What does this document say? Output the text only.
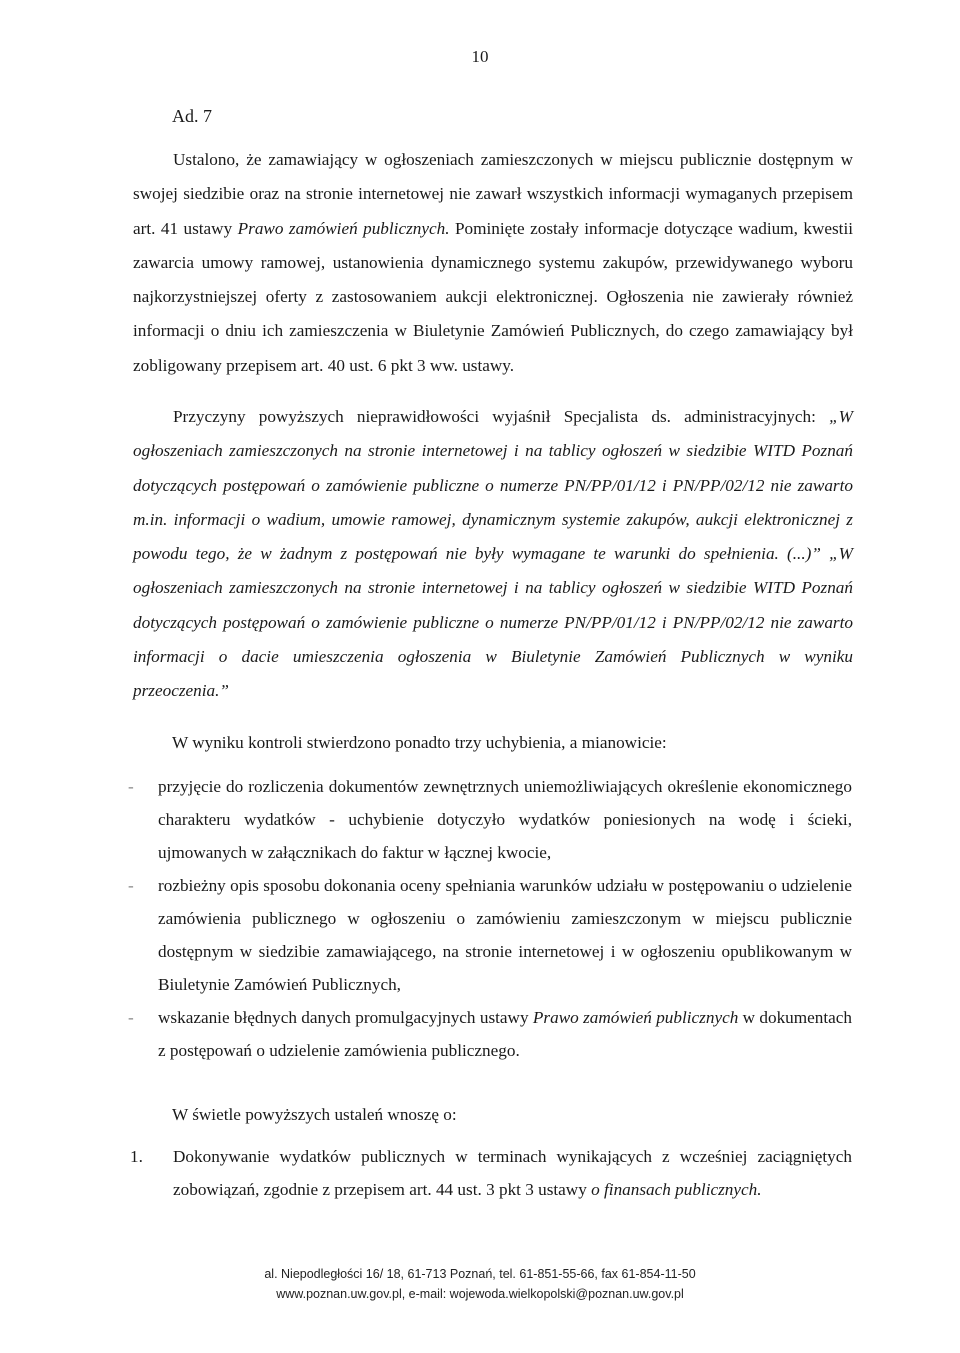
10
Ad. 7
Ustalono, że zamawiający w ogłoszeniach zamieszczonych w miejscu publicznie dostępnym w swojej siedzibie oraz na stronie internetowej nie zawarł wszystkich informacji wymaganych przepisem art. 41 ustawy Prawo zamówień publicznych. Pominięte zostały informacje dotyczące wadium, kwestii zawarcia umowy ramowej, ustanowienia dynamicznego systemu zakupów, przewidywanego wyboru najkorzystniejszej oferty z zastosowaniem aukcji elektronicznej. Ogłoszenia nie zawierały również informacji o dniu ich zamieszczenia w Biuletynie Zamówień Publicznych, do czego zamawiający był zobligowany przepisem art. 40 ust. 6 pkt 3 ww. ustawy.
Przyczyny powyższych nieprawidłowości wyjaśnił Specjalista ds. administracyjnych: „W ogłoszeniach zamieszczonych na stronie internetowej i na tablicy ogłoszeń w siedzibie WITD Poznań dotyczących postępowań o zamówienie publiczne o numerze PN/PP/01/12 i PN/PP/02/12 nie zawarto m.in. informacji o wadium, umowie ramowej, dynamicznym systemie zakupów, aukcji elektronicznej z powodu tego, że w żadnym z postępowań nie były wymagane te warunki do spełnienia. (...)” „W ogłoszeniach zamieszczonych na stronie internetowej i na tablicy ogłoszeń w siedzibie WITD Poznań dotyczących postępowań o zamówienie publiczne o numerze PN/PP/01/12 i PN/PP/02/12 nie zawarto informacji o dacie umieszczenia ogłoszenia w Biuletynie Zamówień Publicznych w wyniku przeoczenia.”
W wyniku kontroli stwierdzono ponadto trzy uchybienia, a mianowicie:
- przyjęcie do rozliczenia dokumentów zewnętrznych uniemożliwiających określenie ekonomicznego charakteru wydatków - uchybienie dotyczyło wydatków poniesionych na wodę i ścieki, ujmowanych w załącznikach do faktur w łącznej kwocie,
- rozbieżny opis sposobu dokonania oceny spełniania warunków udziału w postępowaniu o udzielenie zamówienia publicznego w ogłoszeniu o zamówieniu zamieszczonym w miejscu publicznie dostępnym w siedzibie zamawiającego, na stronie internetowej i w ogłoszeniu opublikowanym w Biuletynie Zamówień Publicznych,
- wskazanie błędnych danych promulgacyjnych ustawy Prawo zamówień publicznych w dokumentach z postępowań o udzielenie zamówienia publicznego.
W świetle powyższych ustaleń wnoszę o:
1. Dokonywanie wydatków publicznych w terminach wynikających z wcześniej zaciągniętych zobowiązań, zgodnie z przepisem art. 44 ust. 3 pkt 3 ustawy o finansach publicznych.
al. Niepodległości 16/ 18, 61-713 Poznań, tel. 61-851-55-66, fax 61-854-11-50
www.poznan.uw.gov.pl, e-mail: wojewoda.wielkopolski@poznan.uw.gov.pl
